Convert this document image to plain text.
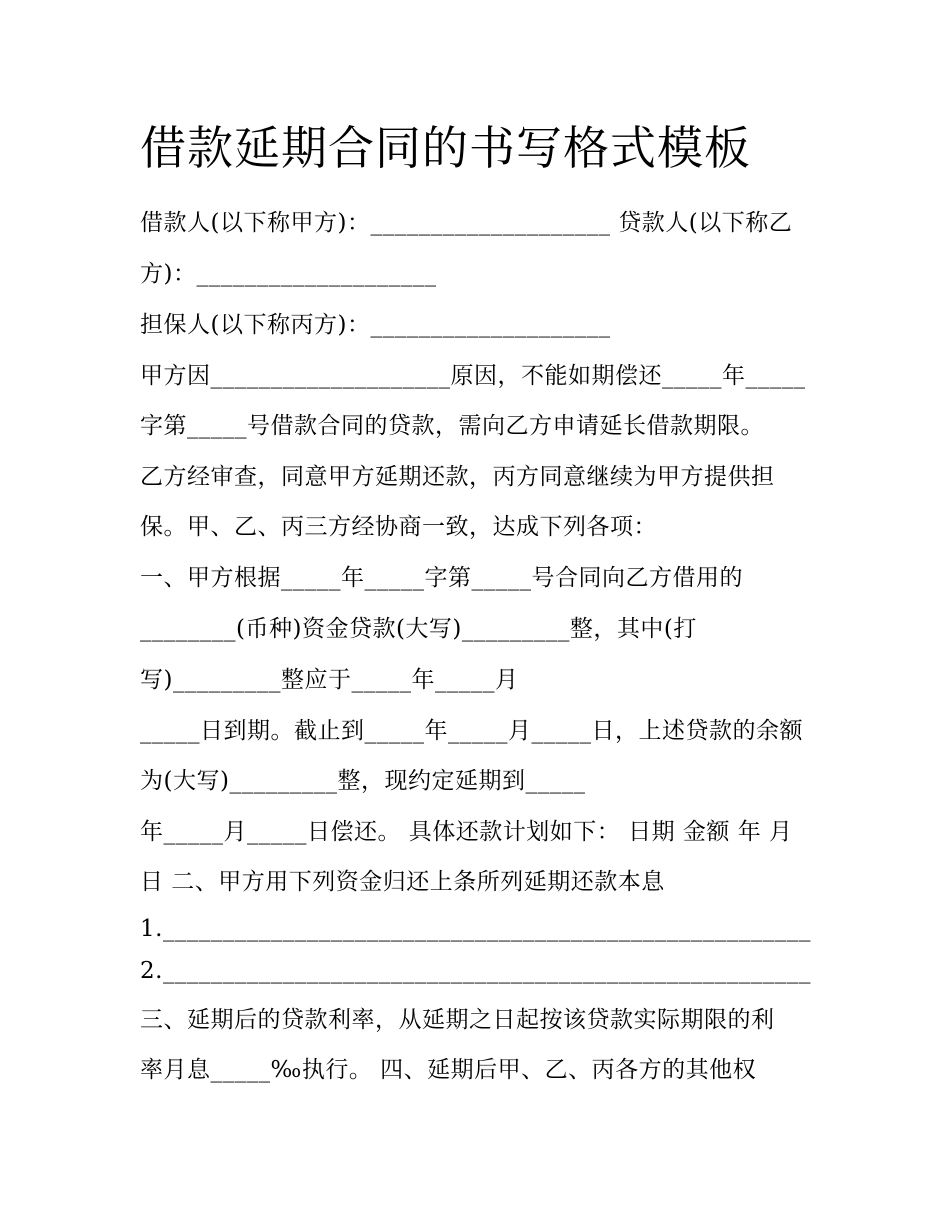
借款延期合同的书写格式模板
借款人(以下称甲方)：____________________ 贷款人(以下称乙
方)：____________________
担保人(以下称丙方)：____________________
甲方因____________________原因，不能如期偿还_____年_____
字第_____号借款合同的贷款，需向乙方申请延长借款期限。
乙方经审查，同意甲方延期还款，丙方同意继续为甲方提供担
保。甲、乙、丙三方经协商一致，达成下列各项：
一、甲方根据_____年_____字第_____号合同向乙方借用的
________(币种)资金贷款(大写)_________整，其中(打
写)_________整应于_____年_____月
_____日到期。截止到_____年_____月_____日，上述贷款的余额
为(大写)_________整，现约定延期到_____
年_____月_____日偿还。 具体还款计划如下： 日期 金额 年 月
日 二、甲方用下列资金归还上条所列延期还款本息
1.______________________________________________________
2.______________________________________________________
三、延期后的贷款利率，从延期之日起按该贷款实际期限的利
率月息_____‰执行。 四、延期后甲、乙、丙各方的其他权
